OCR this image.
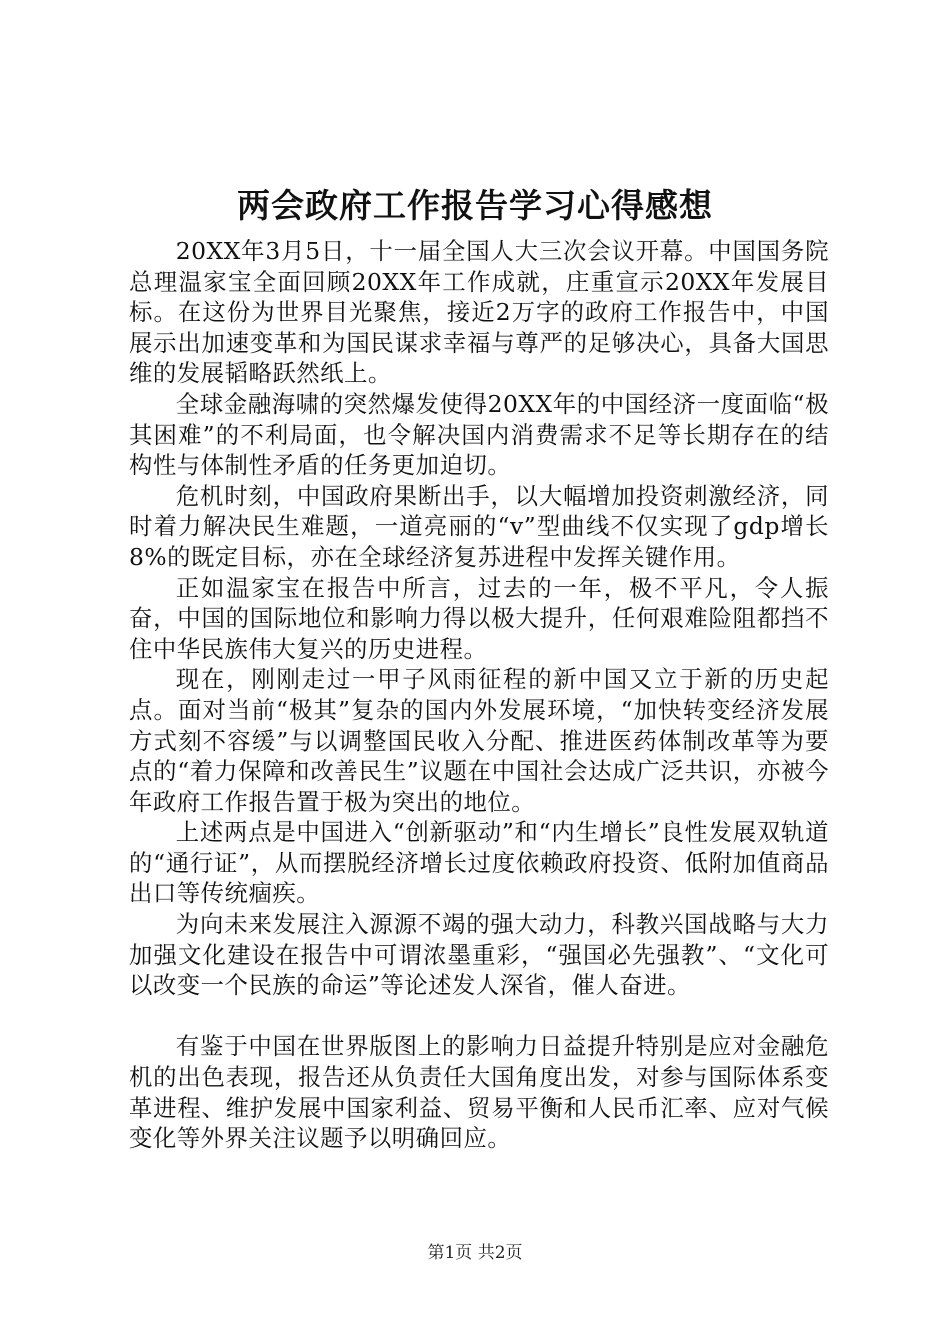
两会政府工作报告学习心得感想

20XX年3月5日，十一届全国人大三次会议开幕。中国国务院总理温家宝全面回顾20XX年工作成就，庄重宣示20XX年发展目标。在这份为世界目光聚焦，接近2万字的政府工作报告中，中国展示出加速变革和为国民谋求幸福与尊严的足够决心，具备大国思维的发展韬略跃然纸上。

全球金融海啸的突然爆发使得20XX年的中国经济一度面临“极其困难”的不利局面，也令解决国内消费需求不足等长期存在的结构性与体制性矛盾的任务更加迫切。

危机时刻，中国政府果断出手，以大幅增加投资刺激经济，同时着力解决民生难题，一道亮丽的“v”型曲线不仅实现了gdp增长8%的既定目标，亦在全球经济复苏进程中发挥关键作用。

正如温家宝在报告中所言，过去的一年，极不平凡，令人振奋，中国的国际地位和影响力得以极大提升，任何艰难险阻都挡不住中华民族伟大复兴的历史进程。

现在，刚刚走过一甲子风雨征程的新中国又立于新的历史起点。面对当前“极其”复杂的国内外发展环境，“加快转变经济发展方式刻不容缓”与以调整国民收入分配、推进医药体制改革等为要点的“着力保障和改善民生”议题在中国社会达成广泛共识，亦被今年政府工作报告置于极为突出的地位。

上述两点是中国进入“创新驱动”和“内生增长”良性发展双轨道的“通行证”，从而摆脱经济增长过度依赖政府投资、低附加值商品出口等传统痼疾。

为向未来发展注入源源不竭的强大动力，科教兴国战略与大力加强文化建设在报告中可谓浓墨重彩，“强国必先强教”、“文化可以改变一个民族的命运”等论述发人深省，催人奋进。

有鉴于中国在世界版图上的影响力日益提升特别是应对金融危机的出色表现，报告还从负责任大国角度出发，对参与国际体系变革进程、维护发展中国家利益、贸易平衡和人民币汇率、应对气候变化等外界关注议题予以明确回应。

第1页 共2页
